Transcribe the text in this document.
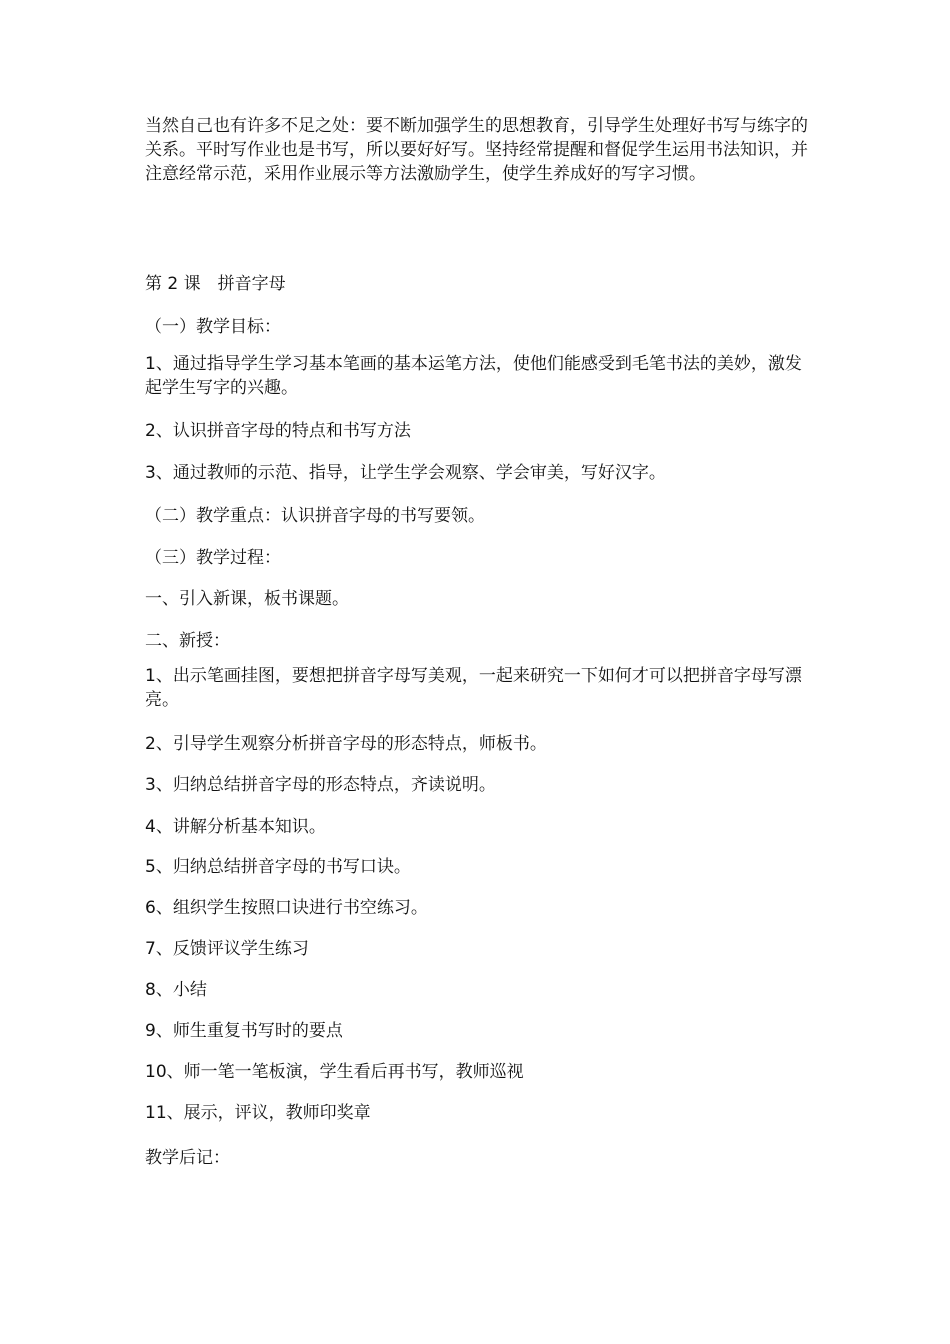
当然自己也有许多不足之处：要不断加强学生的思想教育，引导学生处理好书写与练字的关系。平时写作业也是书写，所以要好好写。坚持经常提醒和督促学生运用书法知识，并注意经常示范，采用作业展示等方法激励学生，使学生养成好的写字习惯。
第 2 课　拼音字母
（一）教学目标：
1、通过指导学生学习基本笔画的基本运笔方法，使他们能感受到毛笔书法的美妙，激发起学生写字的兴趣。
2、认识拼音字母的特点和书写方法
3、通过教师的示范、指导，让学生学会观察、学会审美，写好汉字。
（二）教学重点：认识拼音字母的书写要领。
（三）教学过程：
一、引入新课，板书课题。
二、新授：
1、出示笔画挂图，要想把拼音字母写美观，一起来研究一下如何才可以把拼音字母写漂亮。
2、引导学生观察分析拼音字母的形态特点，师板书。
3、归纳总结拼音字母的形态特点，齐读说明。
4、讲解分析基本知识。
5、归纳总结拼音字母的书写口诀。
6、组织学生按照口诀进行书空练习。
7、反馈评议学生练习
8、小结
9、师生重复书写时的要点
10、师一笔一笔板演，学生看后再书写，教师巡视
11、展示，评议，教师印奖章
教学后记：
